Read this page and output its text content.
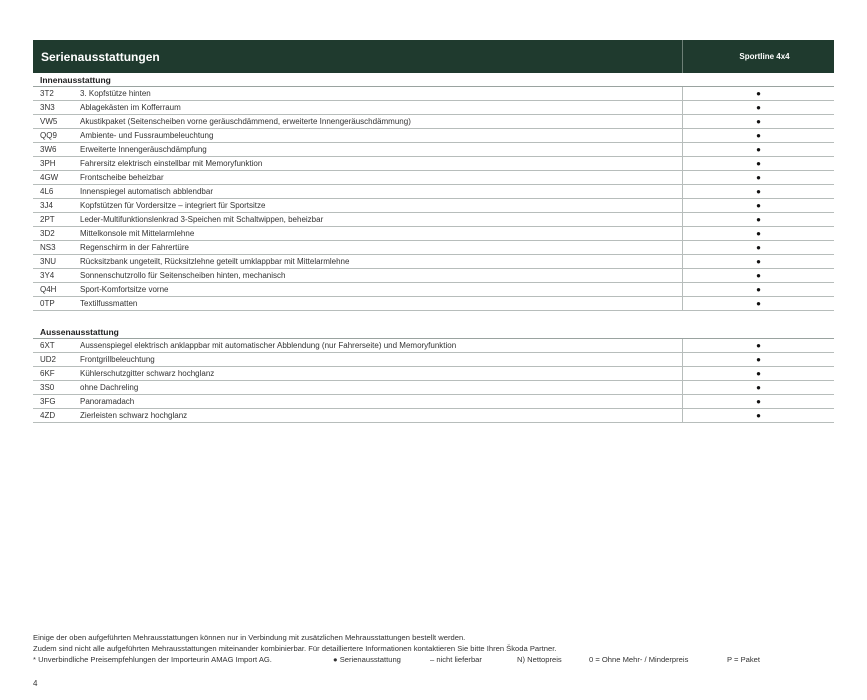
Serienausstattungen	Sportline 4x4
Innenausstattung
3T2	3. Kopfstütze hinten	●
3N3	Ablagekästen im Kofferraum	●
VW5	Akustikpaket (Seitenscheiben vorne geräuschdämmend, erweiterte Innengeräuschdämmung)	●
QQ9	Ambiente- und Fussraumbeleuchtung	●
3W6	Erweiterte Innengeräuschdämpfung	●
3PH	Fahrersitz elektrisch einstellbar mit Memoryfunktion	●
4GW	Frontscheibe beheizbar	●
4L6	Innenspiegel automatisch abblendbar	●
3J4	Kopfstützen für Vordersitze – integriert für Sportsitze	●
2PT	Leder-Multifunktionslenkrad 3-Speichen mit Schaltwippen, beheizbar	●
3D2	Mittelkonsole mit Mittelarmlehne	●
NS3	Regenschirm in der Fahrertüre	●
3NU	Rücksitzbank ungeteilt, Rücksitzlehne geteilt umklappbar mit Mittelarmlehne	●
3Y4	Sonnenschutzrollo für Seitenscheiben hinten, mechanisch	●
Q4H	Sport-Komfortsitze vorne	●
0TP	Textilfussmatten	●
Aussenausstattung
6XT	Aussenspiegel elektrisch anklappbar mit automatischer Abblendung (nur Fahrerseite) und Memoryfunktion	●
UD2	Frontgrillbeleuchtung	●
6KF	Kühlerschutzgitter schwarz hochglanz	●
3S0	ohne Dachreling	●
3FG	Panoramadach	●
4ZD	Zierleisten schwarz hochglanz	●
Einige der oben aufgeführten Mehrausstattungen können nur in Verbindung mit zusätzlichen Mehrausstattungen bestellt werden.
Zudem sind nicht alle aufgeführten Mehrausstattungen miteinander kombinierbar. Für detailliertere Informationen kontaktieren Sie bitte Ihren Škoda Partner.
* Unverbindliche Preisempfehlungen der Importeurin AMAG Import AG.	● Serienausstattung	– nicht lieferbar	N) Nettopreis	0 = Ohne Mehr- / Minderpreis	P = Paket
4
